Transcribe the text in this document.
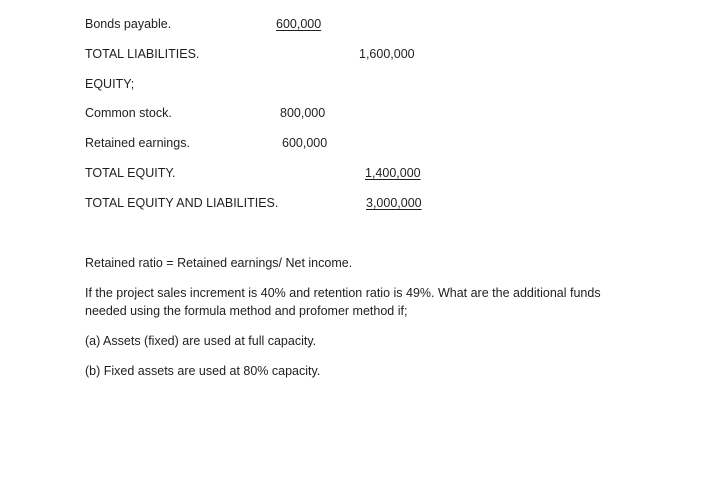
Bonds payable.	600,000
TOTAL LIABILITIES.	1,600,000
EQUITY;
Common stock.	800,000
Retained earnings.	600,000
TOTAL EQUITY.	1,400,000
TOTAL EQUITY AND LIABILITIES.	3,000,000
Retained ratio = Retained earnings/ Net income.
If the project sales increment is 40% and retention ratio is 49%. What are the additional funds needed using the formula method and profomer method if;
(a) Assets (fixed) are used at full capacity.
(b) Fixed assets are used at 80% capacity.
